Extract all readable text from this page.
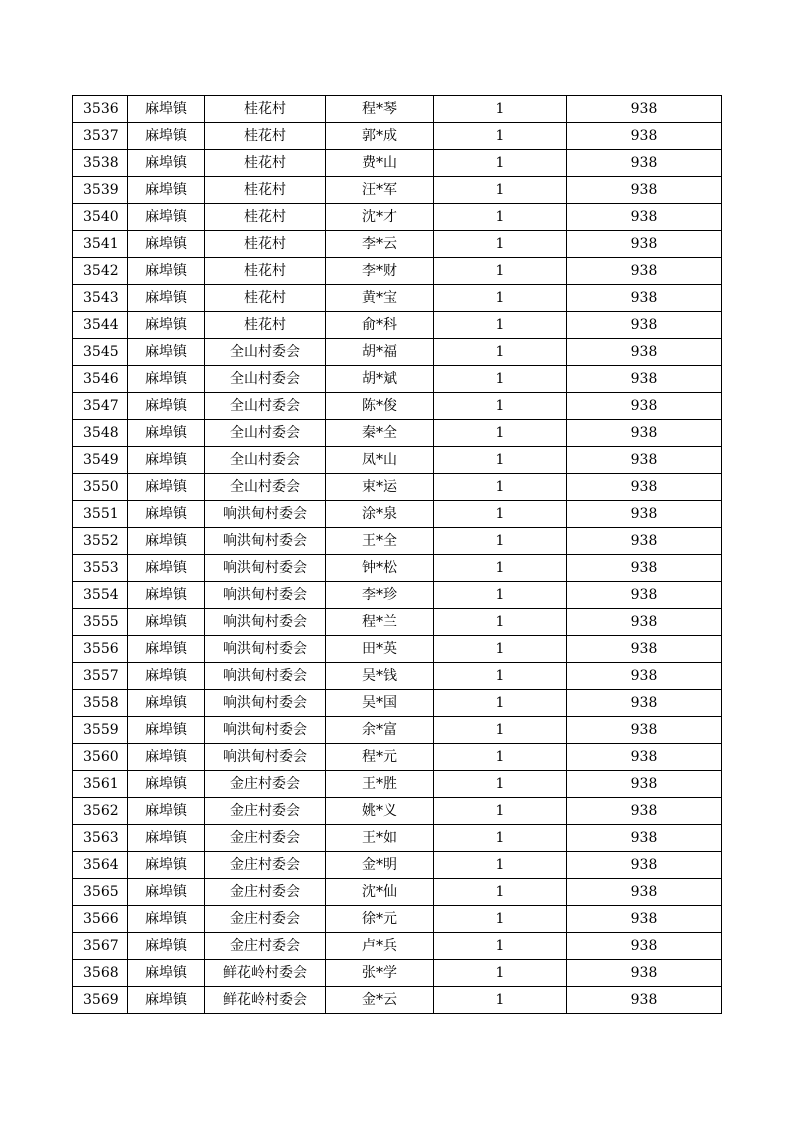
3536	麻埠镇	桂花村	程*琴	1	938
3537	麻埠镇	桂花村	郭*成	1	938
3538	麻埠镇	桂花村	费*山	1	938
3539	麻埠镇	桂花村	汪*军	1	938
3540	麻埠镇	桂花村	沈*才	1	938
3541	麻埠镇	桂花村	李*云	1	938
3542	麻埠镇	桂花村	李*财	1	938
3543	麻埠镇	桂花村	黄*宝	1	938
3544	麻埠镇	桂花村	俞*科	1	938
3545	麻埠镇	全山村委会	胡*福	1	938
3546	麻埠镇	全山村委会	胡*斌	1	938
3547	麻埠镇	全山村委会	陈*俊	1	938
3548	麻埠镇	全山村委会	秦*全	1	938
3549	麻埠镇	全山村委会	凤*山	1	938
3550	麻埠镇	全山村委会	束*运	1	938
3551	麻埠镇	响洪甸村委会	涂*泉	1	938
3552	麻埠镇	响洪甸村委会	王*全	1	938
3553	麻埠镇	响洪甸村委会	钟*松	1	938
3554	麻埠镇	响洪甸村委会	李*珍	1	938
3555	麻埠镇	响洪甸村委会	程*兰	1	938
3556	麻埠镇	响洪甸村委会	田*英	1	938
3557	麻埠镇	响洪甸村委会	吴*钱	1	938
3558	麻埠镇	响洪甸村委会	吴*国	1	938
3559	麻埠镇	响洪甸村委会	余*富	1	938
3560	麻埠镇	响洪甸村委会	程*元	1	938
3561	麻埠镇	金庄村委会	王*胜	1	938
3562	麻埠镇	金庄村委会	姚*义	1	938
3563	麻埠镇	金庄村委会	王*如	1	938
3564	麻埠镇	金庄村委会	金*明	1	938
3565	麻埠镇	金庄村委会	沈*仙	1	938
3566	麻埠镇	金庄村委会	徐*元	1	938
3567	麻埠镇	金庄村委会	卢*兵	1	938
3568	麻埠镇	鲜花岭村委会	张*学	1	938
3569	麻埠镇	鲜花岭村委会	金*云	1	938
